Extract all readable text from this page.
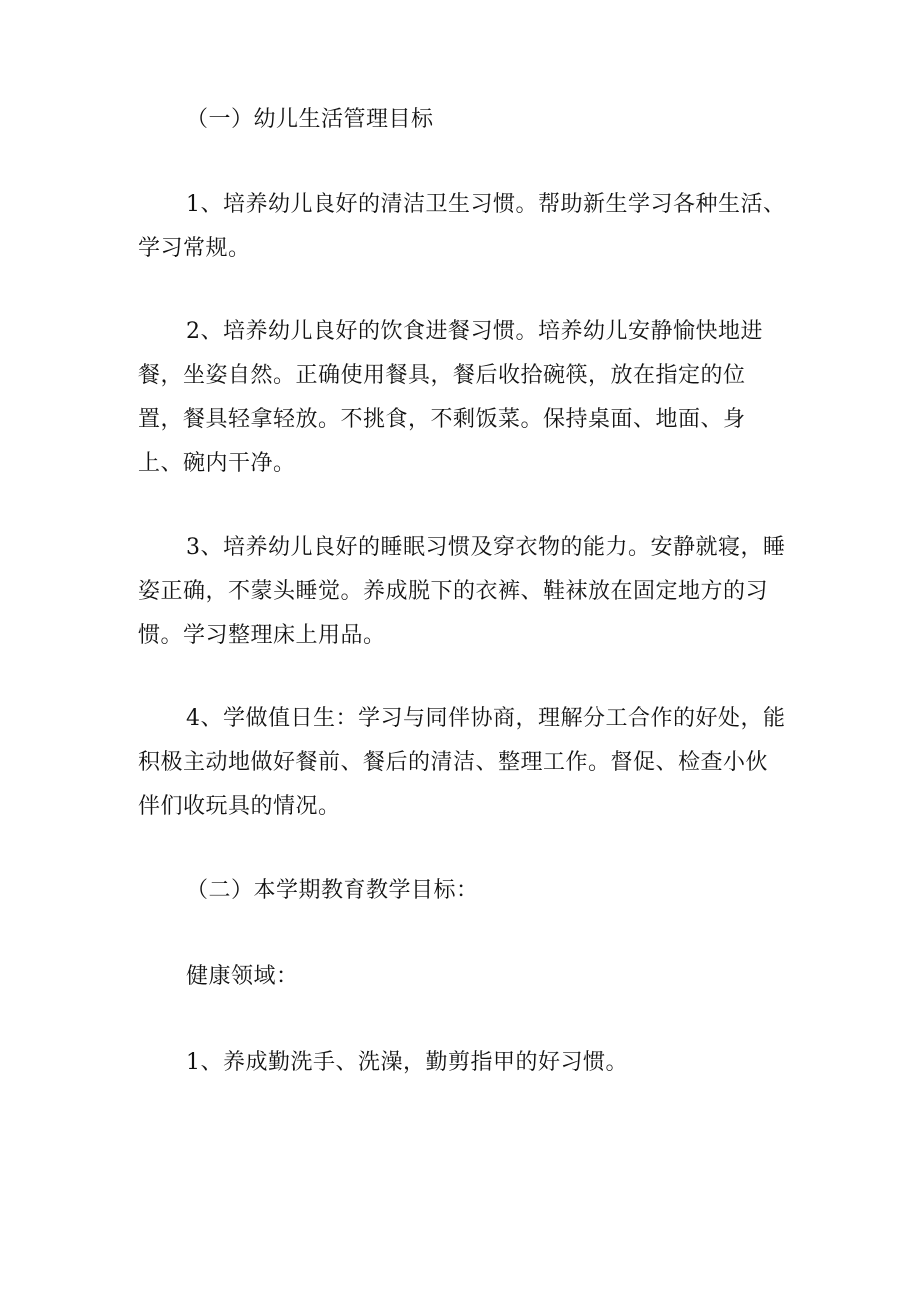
（一）幼儿生活管理目标

1、培养幼儿良好的清洁卫生习惯。帮助新生学习各种生活、学习常规。

2、培养幼儿良好的饮食进餐习惯。培养幼儿安静愉快地进餐，坐姿自然。正确使用餐具，餐后收拾碗筷，放在指定的位置，餐具轻拿轻放。不挑食，不剩饭菜。保持桌面、地面、身上、碗内干净。

3、培养幼儿良好的睡眠习惯及穿衣物的能力。安静就寝，睡姿正确，不蒙头睡觉。养成脱下的衣裤、鞋袜放在固定地方的习惯。学习整理床上用品。

4、学做值日生：学习与同伴协商，理解分工合作的好处，能积极主动地做好餐前、餐后的清洁、整理工作。督促、检查小伙伴们收玩具的情况。

（二）本学期教育教学目标：

健康领域：

1、养成勤洗手、洗澡，勤剪指甲的好习惯。
